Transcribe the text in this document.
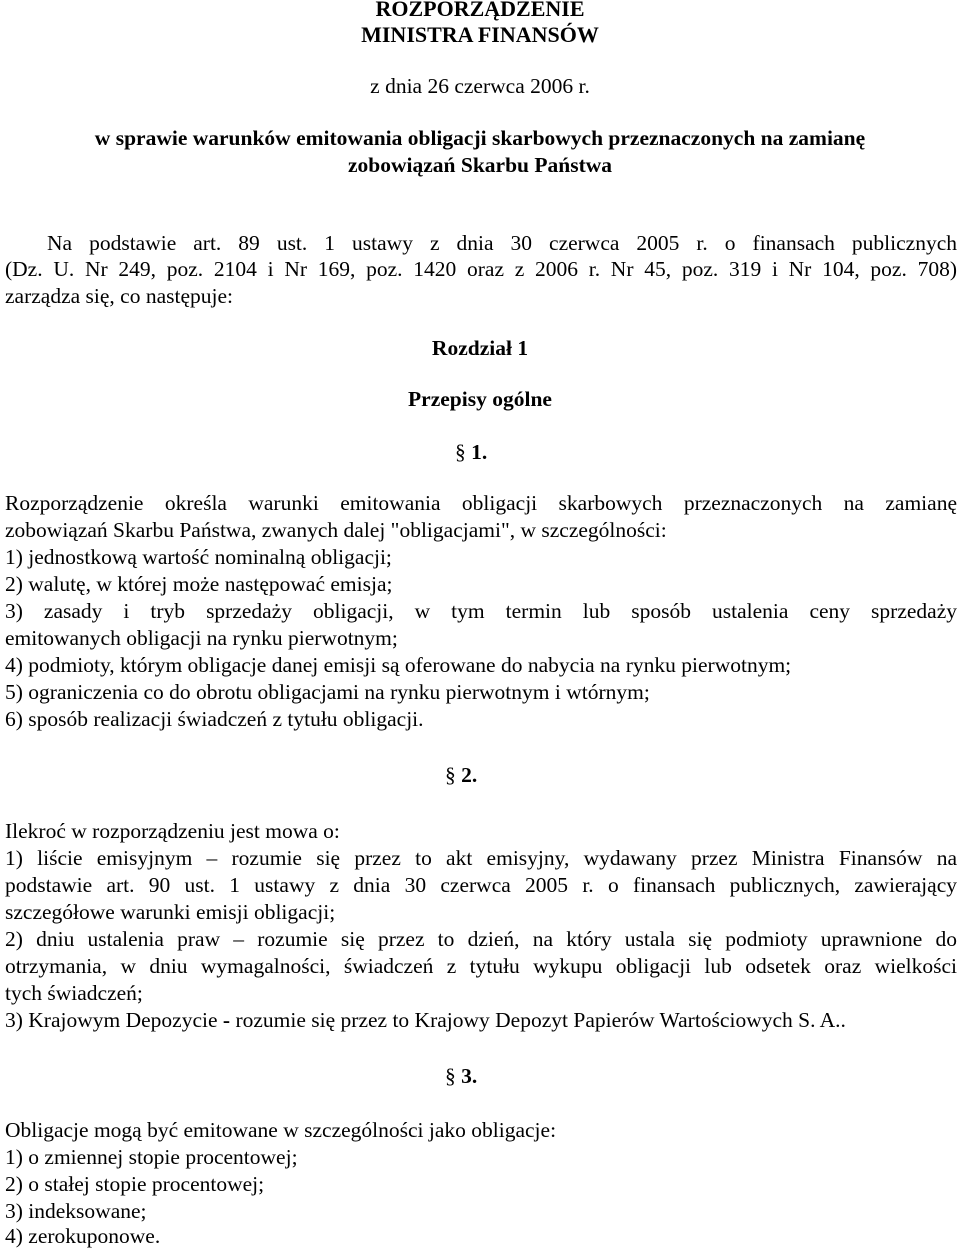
ROZPORZĄDZENIE
MINISTRA FINANSÓW
z dnia 26 czerwca 2006 r.
w sprawie warunków emitowania obligacji skarbowych przeznaczonych na zamianę
zobowiązań Skarbu Państwa
Na podstawie art. 89 ust. 1 ustawy z dnia 30 czerwca 2005 r. o finansach publicznych
(Dz. U. Nr 249, poz. 2104 i Nr 169, poz. 1420 oraz z 2006 r. Nr 45, poz. 319 i Nr 104, poz. 708)
zarządza się, co następuje:
Rozdział 1
Przepisy ogólne
§ 1.
Rozporządzenie określa warunki emitowania obligacji skarbowych przeznaczonych na zamianę
zobowiązań Skarbu Państwa, zwanych dalej "obligacjami", w szczególności:
1) jednostkową wartość nominalną obligacji;
2) walutę, w której może następować emisja;
3) zasady i tryb sprzedaży obligacji, w tym termin lub sposób ustalenia ceny sprzedaży
emitowanych obligacji na rynku pierwotnym;
4) podmioty, którym obligacje danej emisji są oferowane do nabycia na rynku pierwotnym;
5) ograniczenia co do obrotu obligacjami na rynku pierwotnym i wtórnym;
6) sposób realizacji świadczeń z tytułu obligacji.
§ 2.
Ilekroć w rozporządzeniu jest mowa o:
1) liście emisyjnym – rozumie się przez to akt emisyjny, wydawany przez Ministra Finansów na
podstawie art. 90 ust. 1 ustawy z dnia 30 czerwca 2005 r. o finansach publicznych, zawierający
szczegółowe warunki emisji obligacji;
2) dniu ustalenia praw – rozumie się przez to dzień, na który ustala się podmioty uprawnione do
otrzymania, w dniu wymagalności, świadczeń z tytułu wykupu obligacji lub odsetek oraz wielkości
tych świadczeń;
3) Krajowym Depozycie - rozumie się przez to Krajowy Depozyt Papierów Wartościowych S. A..
§ 3.
Obligacje mogą być emitowane w szczególności jako obligacje:
1) o zmiennej stopie procentowej;
2) o stałej stopie procentowej;
3) indeksowane;
4) zerokuponowe.
